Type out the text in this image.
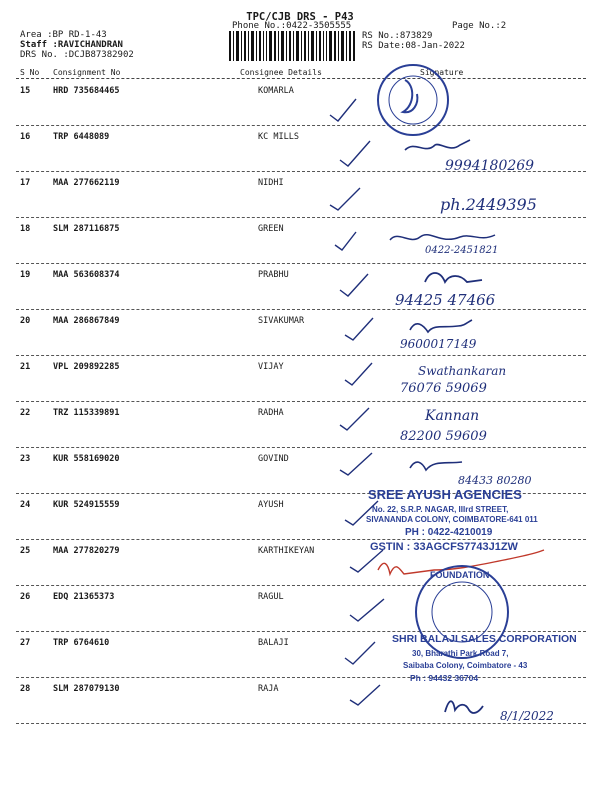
TPC/CJB DRS - P43
Phone No.:0422-3505555	Page No.:2
Area :BP RD-1-43
Staff :RAVICHANDRAN
DRS No. :DCJB87382902
RS No.:873829
RS Date:08-Jan-2022
S No Consignment No	Consignee Details	Signature
15	HRD 735684465	KOMARLA
16	TRP 6448089	KC MILLS
17	MAA 277662119	NIDHI
18	SLM 287116875	GREEN
19	MAA 563608374	PRABHU
20	MAA 286867849	SIVAKUMAR
21	VPL 209892285	VIJAY
22	TRZ 115339891	RADHA
23	KUR 558169020	GOVIND
24	KUR 524915559	AYUSH
25	MAA 277820279	KARTHIKEYAN
26	EDQ 21365373	RAGUL
27	TRP 6764610	BALAJI
28	SLM 287079130	RAJA
9994180269
ph.2449395
0422-2451821
94425 47466
9600017149
Swathankaran
76076 59069
Kannan
82200 59609
84433 80280
SREE AYUSH AGENCIES
No. 22, S.R.P. NAGAR, IIIrd STREET,
SIVANANDA COLONY, COIMBATORE-641 011
PH : 0422-4210019
GSTIN : 33AGCFS7743J1ZW
FOUNDATION
SHRI BALAJI SALES CORPORATION
30, Bharathi Park Road 7,
Saibaba Colony, Coimbatore - 43
Ph : 94432 36704
8/1/2022
